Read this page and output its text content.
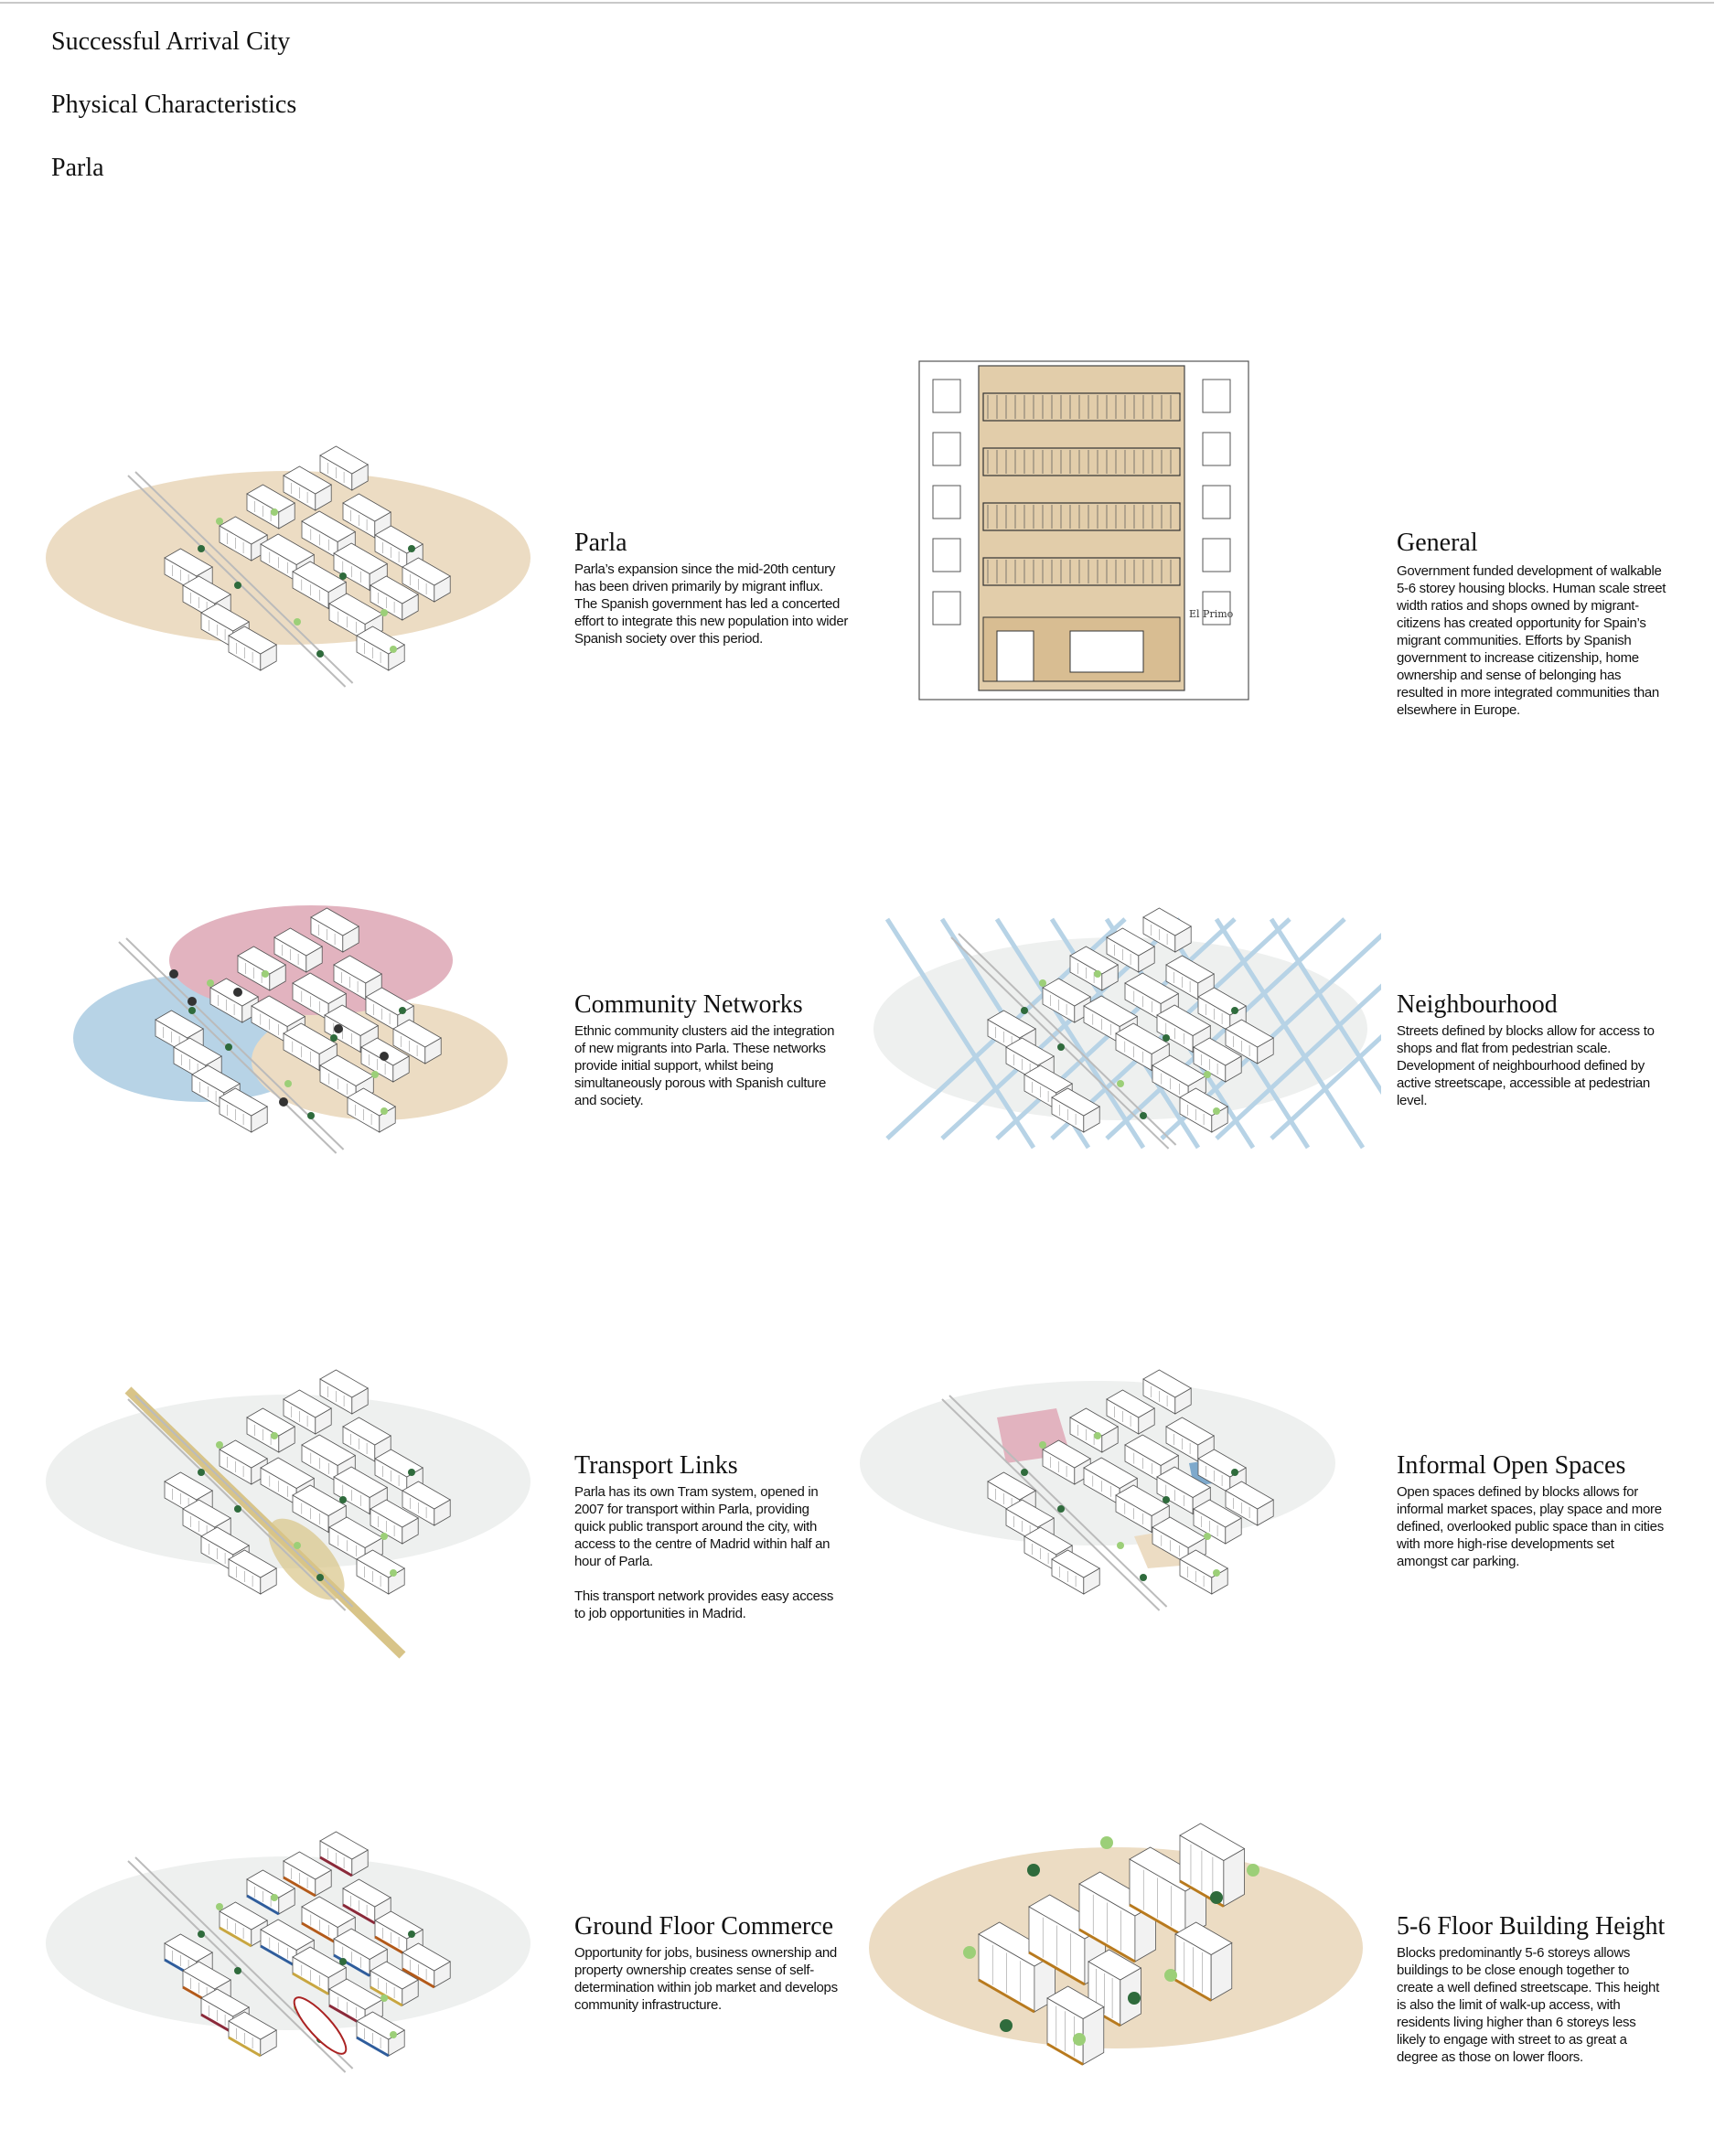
Successful Arrival City
Physical Characteristics
Parla
El Primo
Parla

Parla’s expansion since the mid-20th century has been driven primarily by migrant influx. The Spanish government has led a concerted effort to integrate this new population into wider Spanish society over this period.

General

Government funded development of walkable 5-6 storey housing blocks. Human scale street width ratios and shops owned by migrant-citizens has created opportunity for Spain’s migrant communities. Efforts by Spanish government to increase citizenship, home ownership and sense of belonging has resulted in more integrated communities than elsewhere in Europe.

Community Networks

Ethnic community clusters aid the integration of new migrants into Parla. These networks provide initial support, whilst being simultaneously porous with Spanish culture and society.

Neighbourhood

Streets defined by blocks allow for access to shops and flat from pedestrian scale. Development of neighbourhood defined by active streetscape, accessible at pedestrian level.

Transport Links

Parla has its own Tram system, opened in 2007 for transport within Parla, providing quick public transport around the city, with access to the centre of Madrid within half an hour of Parla.

This transport network provides easy access to job opportunities in Madrid.

Informal Open Spaces

Open spaces defined by blocks allows for informal market spaces, play space and more defined, overlooked public space than in cities with more high-rise developments set amongst car parking.

Ground Floor Commerce

Opportunity for jobs, business ownership and property ownership creates sense of self-determination within job market and develops community infrastructure.

5-6 Floor Building Height

Blocks predominantly 5-6 storeys allows buildings to be close enough together to create a well defined streetscape. This height is also the limit of walk-up access, with residents living higher than 6 storeys less likely to engage with street to as great a degree as those on lower floors.
